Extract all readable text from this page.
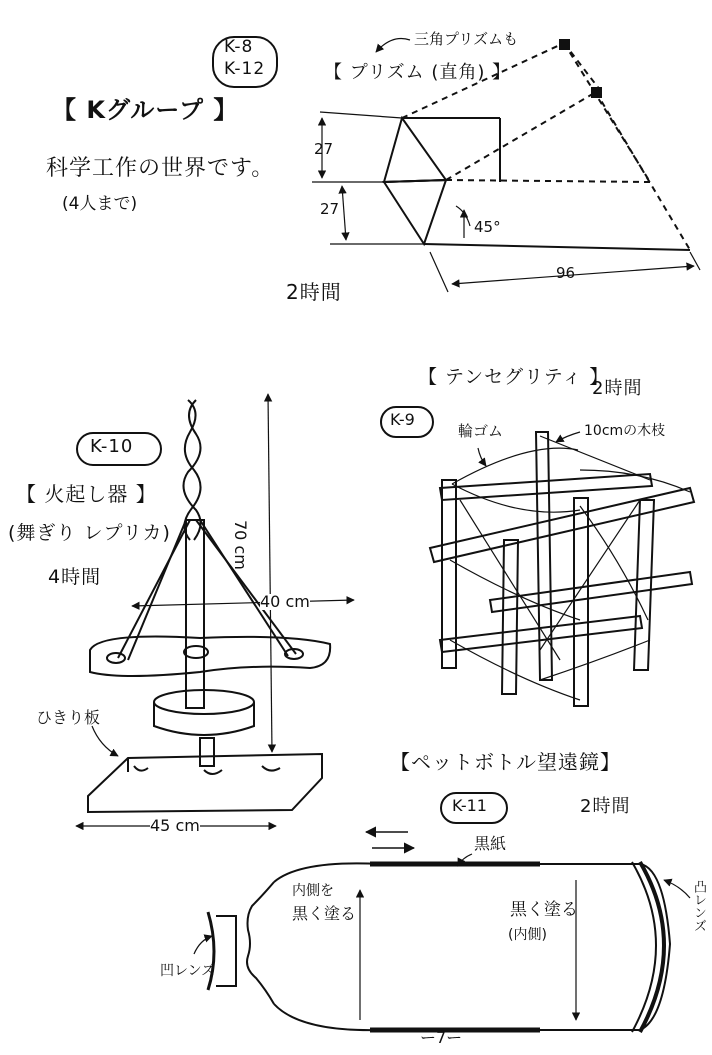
K-8
K-12
【 Kグループ 】
科学工作の世界です。
(4人まで)
三角プリズムも
【 プリズム (直角) 】
27
27
45°
96
2時間
K-10
【 火起し器 】
(舞ぎり レプリカ)
4時間
70 cm
40 cm
ひきり板
45 cm
【 テンセグリティ 】
2時間
K-9
輪ゴム	10cmの木枝
【ペットボトル望遠鏡】
K-11	2時間
黒紙
内側を
黒く塗る	黒く塗る
(内側)
凹レンズ
凸レンズ
ー7ー
